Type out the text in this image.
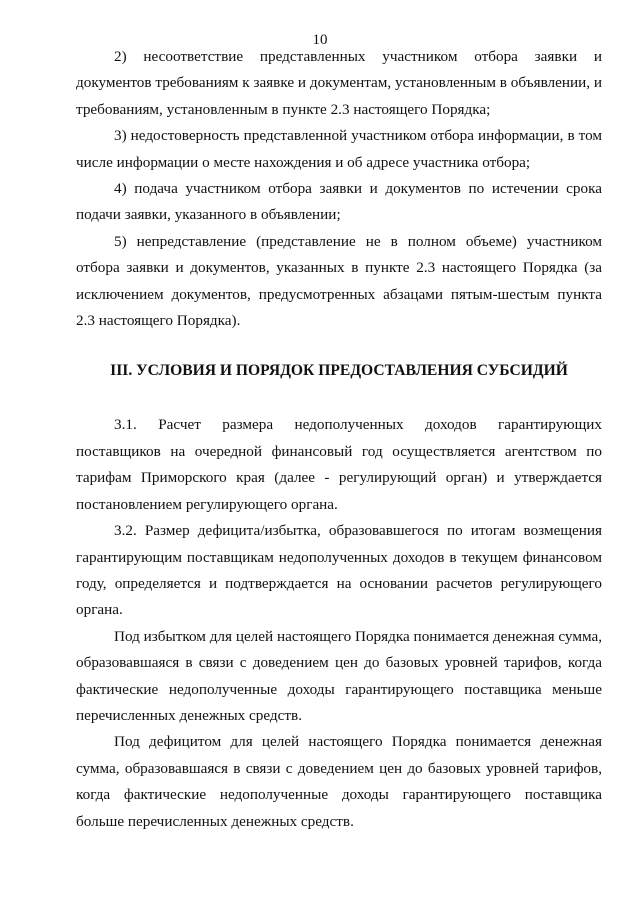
10

2) несоответствие представленных участником отбора заявки и документов требованиям к заявке и документам, установленным в объявлении, и требованиям, установленным в пункте 2.3 настоящего Порядка;

3) недостоверность представленной участником отбора информации, в том числе информации о месте нахождения и об адресе участника отбора;

4) подача участником отбора заявки и документов по истечении срока подачи заявки, указанного в объявлении;

5) непредставление (представление не в полном объеме) участником отбора заявки и документов, указанных в пункте 2.3 настоящего Порядка (за исключением документов, предусмотренных абзацами пятым-шестым пункта 2.3 настоящего Порядка).

III. УСЛОВИЯ И ПОРЯДОК ПРЕДОСТАВЛЕНИЯ СУБСИДИЙ

3.1. Расчет размера недополученных доходов гарантирующих поставщиков на очередной финансовый год осуществляется агентством по тарифам Приморского края (далее - регулирующий орган) и утверждается постановлением регулирующего органа.

3.2. Размер дефицита/избытка, образовавшегося по итогам возмещения гарантирующим поставщикам недополученных доходов в текущем финансовом году, определяется и подтверждается на основании расчетов регулирующего органа.

Под избытком для целей настоящего Порядка понимается денежная сумма, образовавшаяся в связи с доведением цен до базовых уровней тарифов, когда фактические недополученные доходы гарантирующего поставщика меньше перечисленных денежных средств.

Под дефицитом для целей настоящего Порядка понимается денежная сумма, образовавшаяся в связи с доведением цен до базовых уровней тарифов, когда фактические недополученные доходы гарантирующего поставщика больше перечисленных денежных средств.
